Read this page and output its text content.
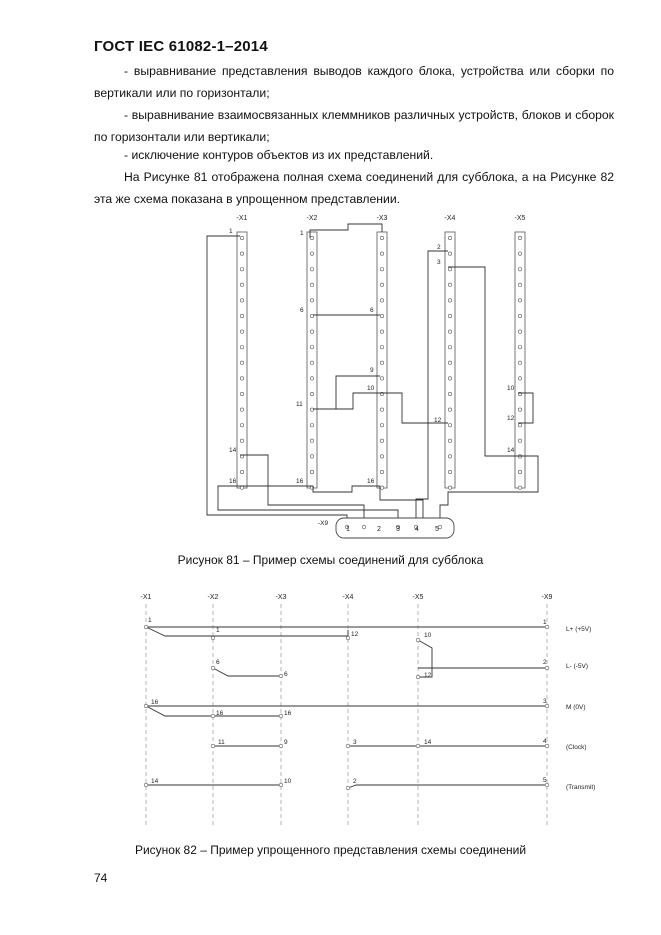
ГОСТ IEC 61082-1–2014
- выравнивание представления выводов каждого блока, устройства или сборки по вертикали или по горизонтали;
- выравнивание взаимосвязанных клеммников различных устройств, блоков и сборок по горизонтали или вертикали;
- исключение контуров объектов из их представлений.
На Рисунке 81 отображена полная схема соединений для субблока, а на Рисунке 82 эта же схема показана в упрощенном представлении.
-X1	-X2	-X3	-X4	-X5
1
14
16
1
6
11
16
6
9
10
16
2
3
12
10
12
14
-X9
1	2 3 4 5
-X1	-X2	-X3	-X4	-X5	-X9
1
1
12	10
1
L+ (+5V)
6
6	12
2
L- (-5V)
16
16	16
3
M (0V)
11	9	3	14	4
(Clock)
14	10	2	5
(Transmit)
Рисунок 81 – Пример схемы соединений для субблока
Рисунок 82 – Пример упрощенного представления схемы соединений
74
